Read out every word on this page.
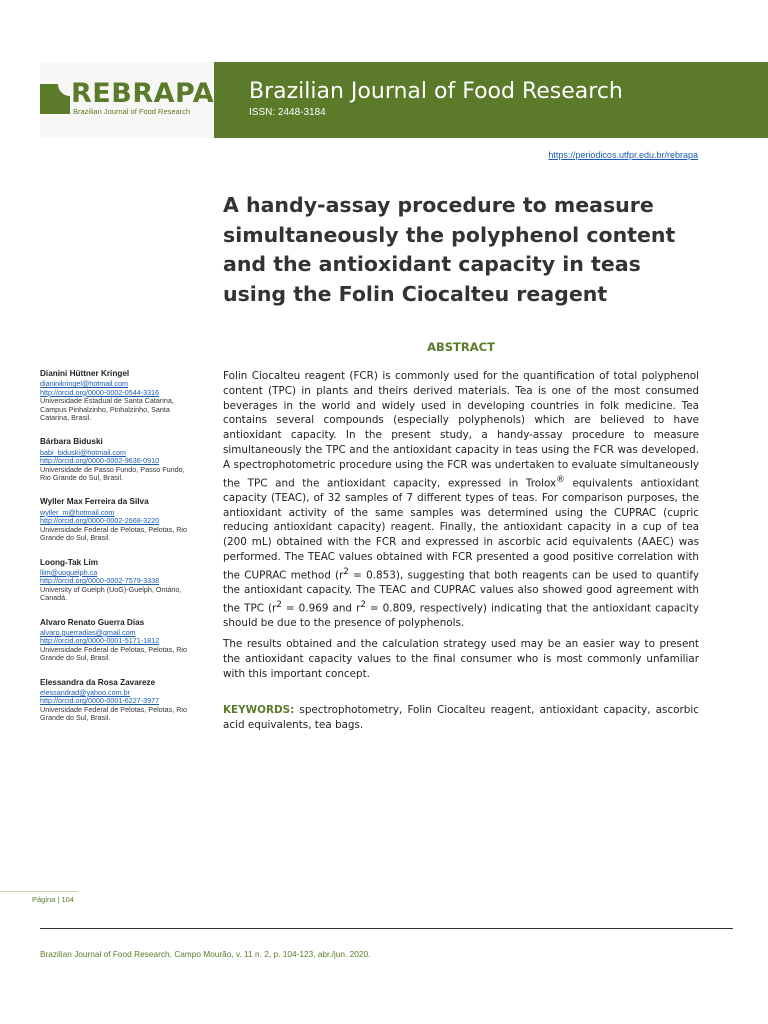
REBRAPA
Brazilian Journal of Food Research
Brazilian Journal of Food Research
ISSN: 2448-3184
https://periodicos.utfpr.edu.br/rebrapa
A handy-assay procedure to measure simultaneously the polyphenol content and the antioxidant capacity in teas using the Folin Ciocalteu reagent
ABSTRACT

Folin Ciocalteu reagent (FCR) is commonly used for the quantification of total polyphenol content (TPC) in plants and theirs derived materials. Tea is one of the most consumed beverages in the world and widely used in developing countries in folk medicine. Tea contains several compounds (especially polyphenols) which are believed to have antioxidant capacity. In the present study, a handy-assay procedure to measure simultaneously the TPC and the antioxidant capacity in teas using the FCR was developed. A spectrophotometric procedure using the FCR was undertaken to evaluate simultaneously the TPC and the antioxidant capacity, expressed in Trolox® equivalents antioxidant capacity (TEAC), of 32 samples of 7 different types of teas. For comparison purposes, the antioxidant activity of the same samples was determined using the CUPRAC (cupric reducing antioxidant capacity) reagent. Finally, the antioxidant capacity in a cup of tea (200 mL) obtained with the FCR and expressed in ascorbic acid equivalents (AAEC) was performed. The TEAC values obtained with FCR presented a good positive correlation with the CUPRAC method $(r^2 = 0.853)$, suggesting that both reagents can be used to quantify the antioxidant capacity. The TEAC and CUPRAC values also showed good agreement with the TPC ($r^2 = 0.969$ and $r^2 = 0.809$, respectively) indicating that the antioxidant capacity should be due to the presence of polyphenols.

The results obtained and the calculation strategy used may be an easier way to present the antioxidant capacity values to the final consumer who is most commonly unfamiliar with this important concept.

KEYWORDS: spectrophotometry, Folin Ciocalteu reagent, antioxidant capacity, ascorbic acid equivalents, tea bags.
Dianini Hüttner Kringel
dianinikringel@hotmail.com
http://orcid.org/0000-0002-0544-3316
Universidade Estadual de Santa Catarina, Campus Pinhalzinho, Pinhalzinho, Santa Catarina, Brasil.
Bárbara Biduski
babi_biduski@hotmail.com
http://orcid.org/0000-0002-9636-0910
Universidade de Passo Fundo, Passo Fundo, Rio Grande do Sul, Brasil.
Wyller Max Ferreira da Silva
wyller_m@hotmail.com
http://orcid.org/0000-0002-2668-3220
Universidade Federal de Pelotas, Pelotas, Rio Grande do Sul, Brasil.
Loong-Tak Lim
llim@uoguelph.ca
http://orcid.org/0000-0002-7579-3338
University of Guelph (UoG)-Guelph, Ontário, Canadá.
Alvaro Renato Guerra Dias
alvaro.guerradias@gmail.com
http://orcid.org/0000-0001-5171-1812
Universidade Federal de Pelotas, Pelotas, Rio Grande do Sul, Brasil.
Elessandra da Rosa Zavareze
elessandrad@yahoo.com.br
http://orcid.org/0000-0001-6227-3977
Universidade Federal de Pelotas, Pelotas, Rio Grande do Sul, Brasil.
Página | 104
Brazilian Journal of Food Research, Campo Mourão, v. 11 n. 2, p. 104-123, abr./jun. 2020.
